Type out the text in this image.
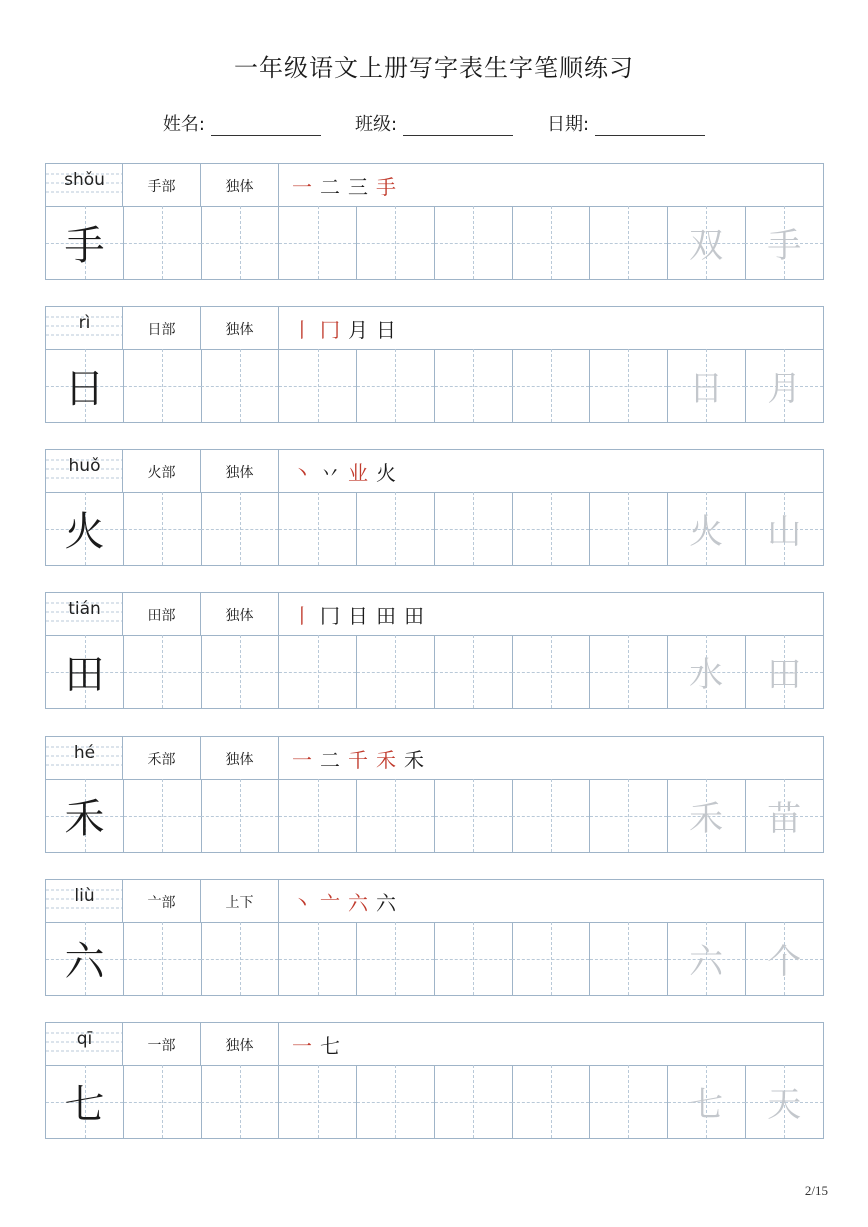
一年级语文上册写字表生字笔顺练习
姓名:	班级:	日期:
shǒu	手部	独体	一 二 三 手
手	双	手
rì	日部	独体	丨 冂 月 日
日	日	月
huǒ	火部	独体	丶 丷 业 火
火	火	山
tián	田部	独体	丨 冂 日 田 田
田	水	田
hé	禾部	独体	一 二 千 禾 禾
禾	禾	苗
liù	亠部	上下	丶 亠 六 六
六	六	个
qī	一部	独体	一 七
七	七	天
2/15
